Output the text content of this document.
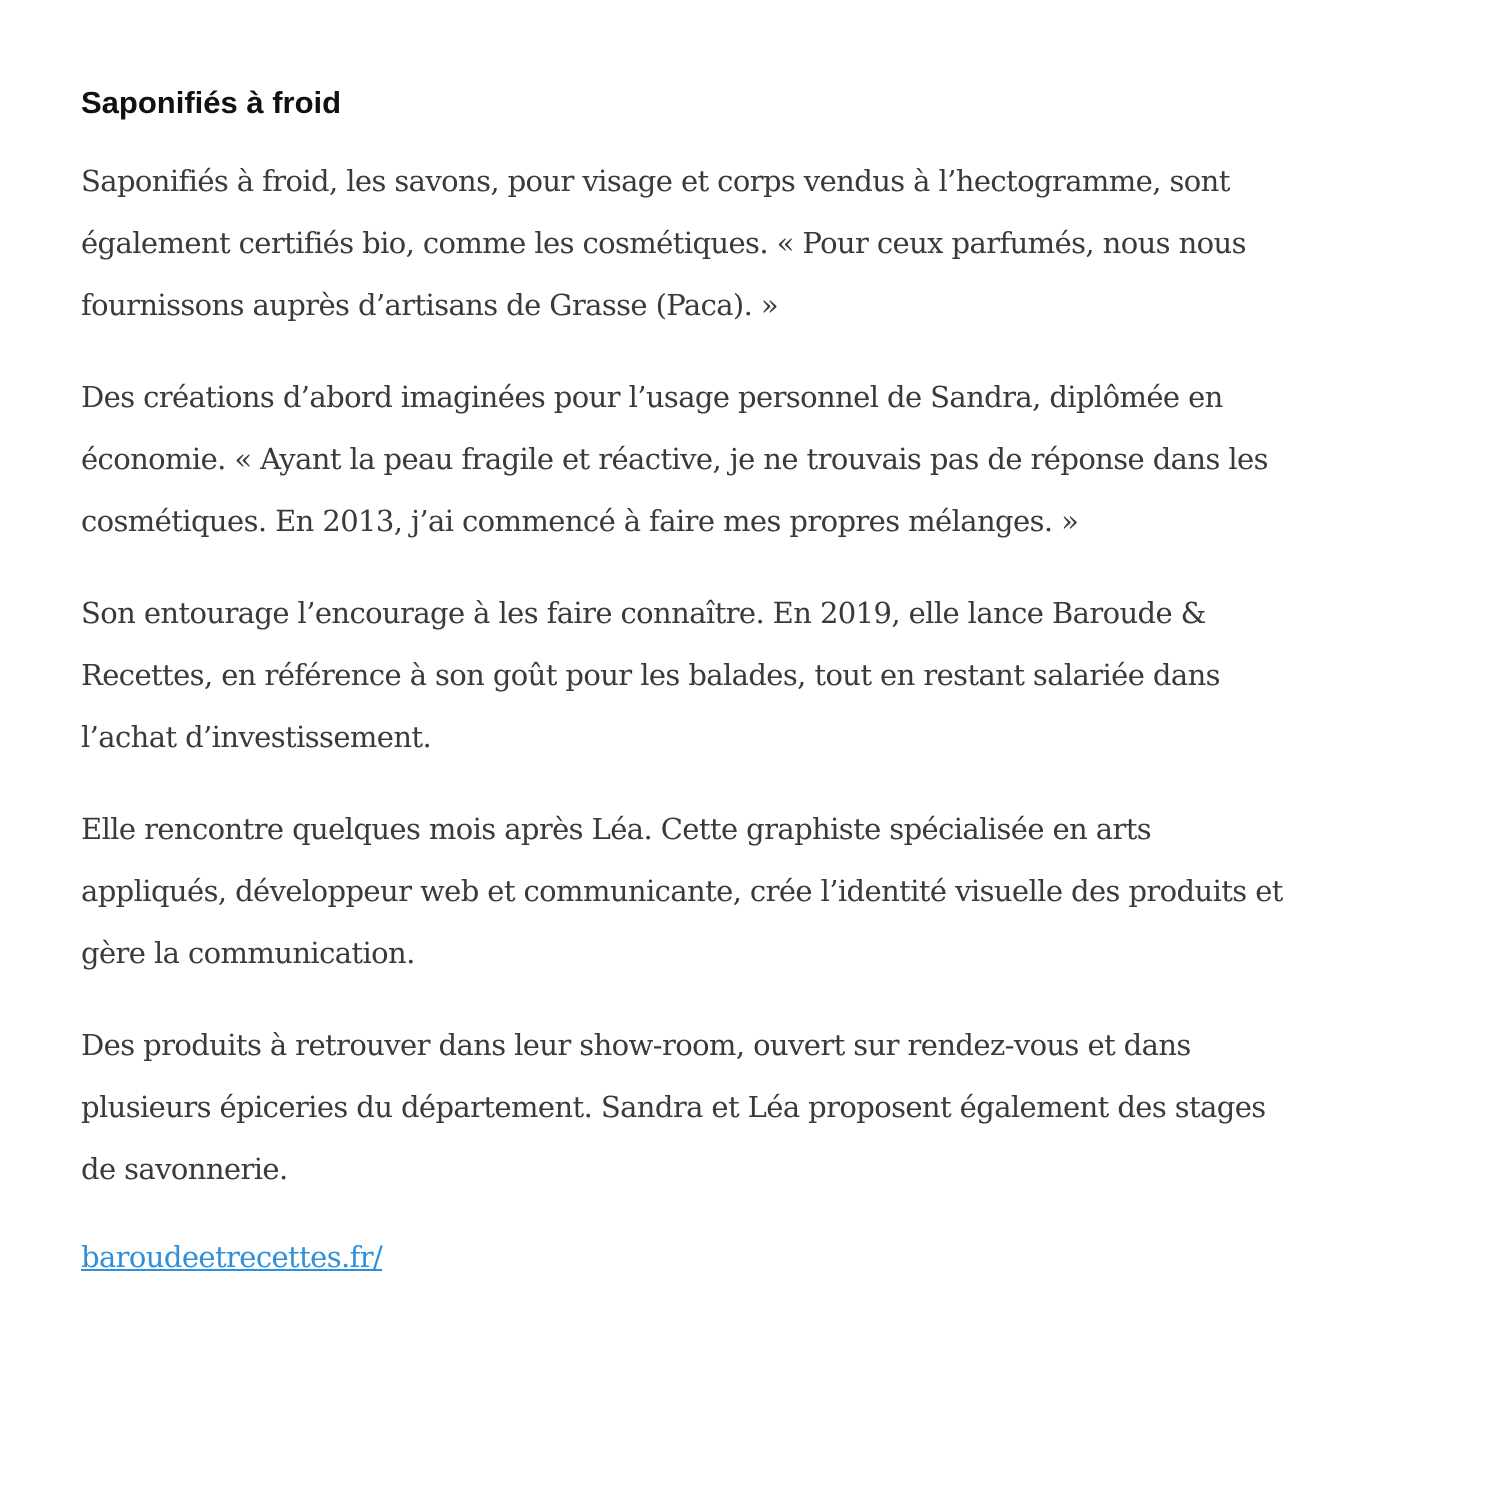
Saponifiés à froid

Saponifiés à froid, les savons, pour visage et corps vendus à l’hectogramme, sont également certifiés bio, comme les cosmétiques. « Pour ceux parfumés, nous nous fournissons auprès d’artisans de Grasse (Paca). »

Des créations d’abord imaginées pour l’usage personnel de Sandra, diplômée en économie. « Ayant la peau fragile et réactive, je ne trouvais pas de réponse dans les cosmétiques. En 2013, j’ai commencé à faire mes propres mélanges. »

Son entourage l’encourage à les faire connaître. En 2019, elle lance Baroude & Recettes, en référence à son goût pour les balades, tout en restant salariée dans l’achat d’investissement.

Elle rencontre quelques mois après Léa. Cette graphiste spécialisée en arts appliqués, développeur web et communicante, crée l’identité visuelle des produits et gère la communication.

Des produits à retrouver dans leur show-room, ouvert sur rendez-vous et dans plusieurs épiceries du département. Sandra et Léa proposent également des stages de savonnerie.

baroudeetrecettes.fr/
